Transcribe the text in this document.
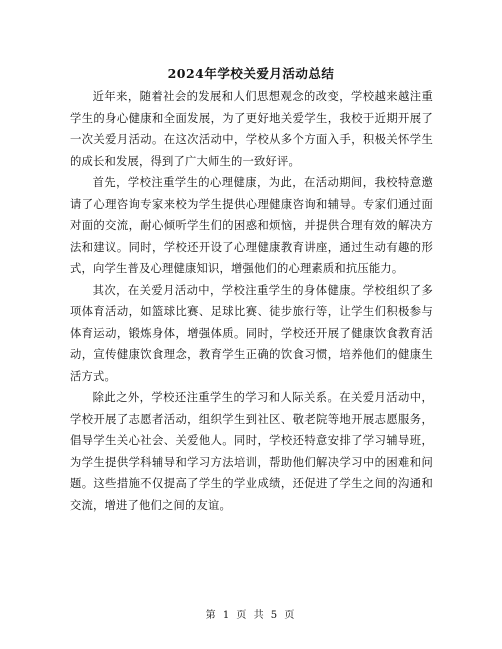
2024年学校关爱月活动总结

近年来，随着社会的发展和人们思想观念的改变，学校越来越注重学生的身心健康和全面发展，为了更好地关爱学生，我校于近期开展了一次关爱月活动。在这次活动中，学校从多个方面入手，积极关怀学生的成长和发展，得到了广大师生的一致好评。

首先，学校注重学生的心理健康，为此，在活动期间，我校特意邀请了心理咨询专家来校为学生提供心理健康咨询和辅导。专家们通过面对面的交流，耐心倾听学生们的困惑和烦恼，并提供合理有效的解决方法和建议。同时，学校还开设了心理健康教育讲座，通过生动有趣的形式，向学生普及心理健康知识，增强他们的心理素质和抗压能力。

其次，在关爱月活动中，学校注重学生的身体健康。学校组织了多项体育活动，如篮球比赛、足球比赛、徒步旅行等，让学生们积极参与体育运动，锻炼身体，增强体质。同时，学校还开展了健康饮食教育活动，宣传健康饮食理念，教育学生正确的饮食习惯，培养他们的健康生活方式。

除此之外，学校还注重学生的学习和人际关系。在关爱月活动中，学校开展了志愿者活动，组织学生到社区、敬老院等地开展志愿服务，倡导学生关心社会、关爱他人。同时，学校还特意安排了学习辅导班，为学生提供学科辅导和学习方法培训，帮助他们解决学习中的困难和问题。这些措施不仅提高了学生的学业成绩，还促进了学生之间的沟通和交流，增进了他们之间的友谊。

第 1 页 共 5 页
